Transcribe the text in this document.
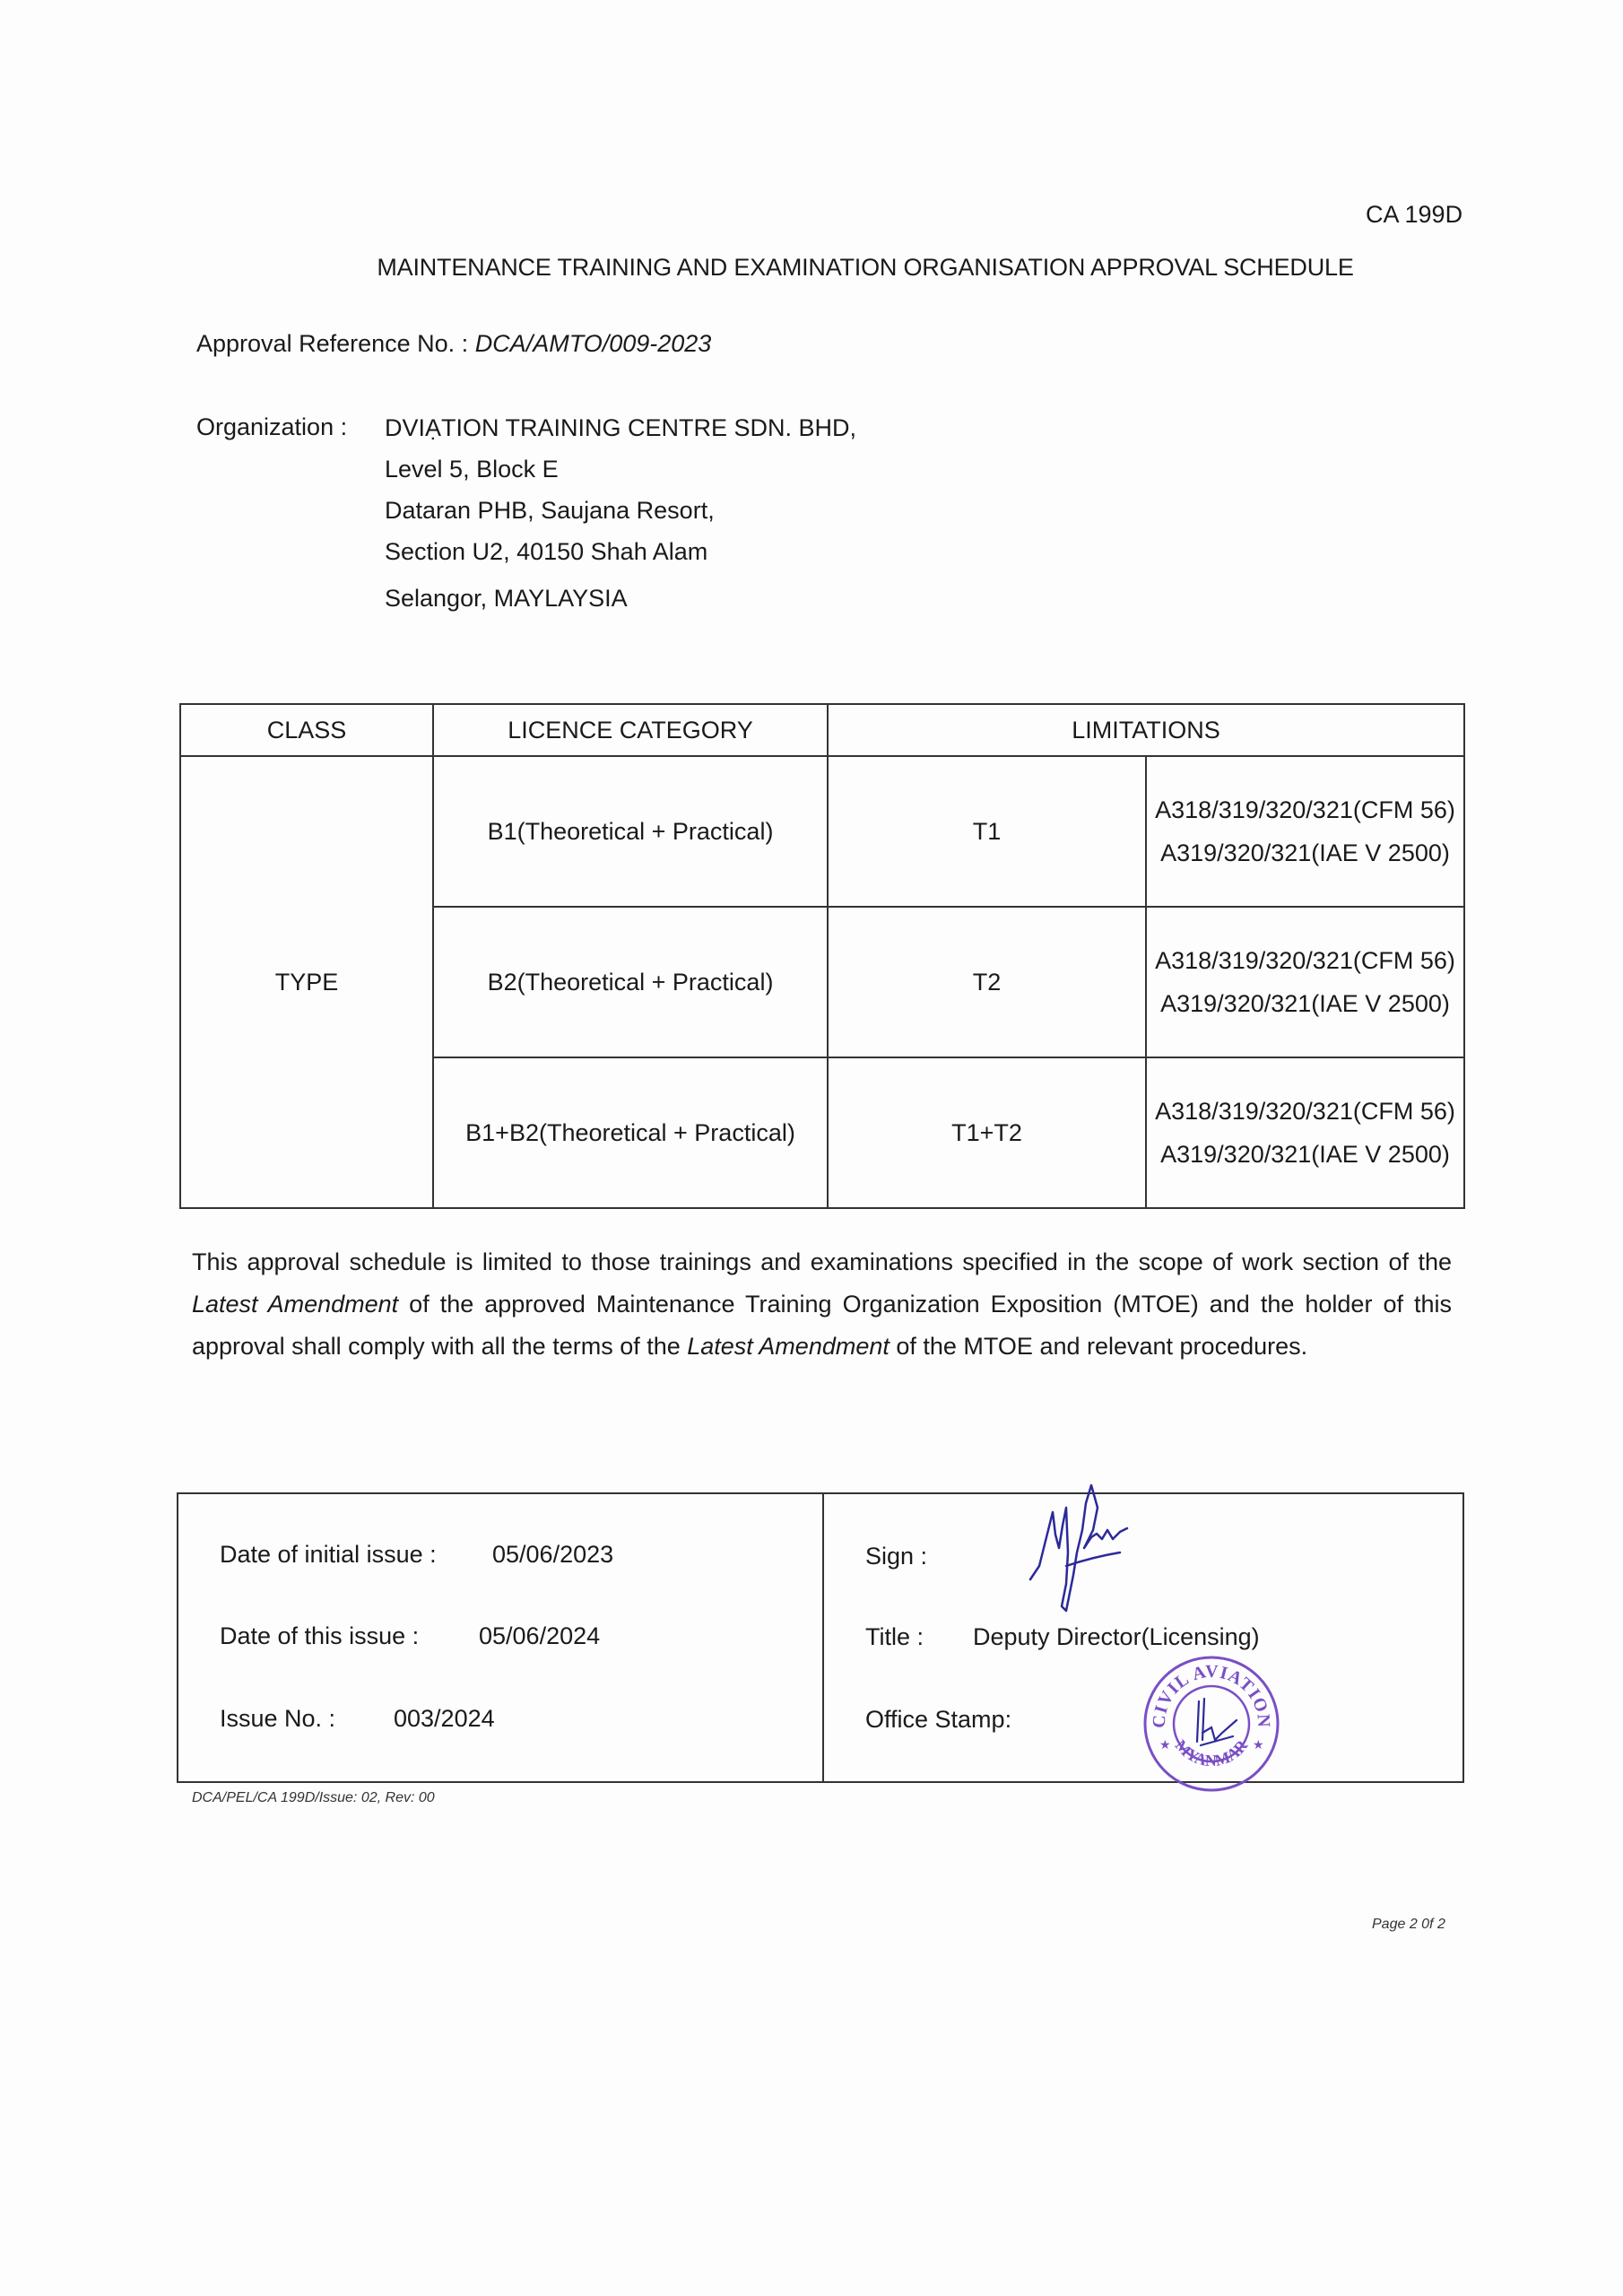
CA 199D
MAINTENANCE TRAINING AND EXAMINATION ORGANISATION APPROVAL SCHEDULE
Approval Reference No. : DCA/AMTO/009-2023
Organization : DVIẠTION TRAINING CENTRE SDN. BHD,
Level 5, Block E
Dataran PHB, Saujana Resort,
Section U2, 40150 Shah Alam
Selangor, MAYLAYSIA
CLASS	LICENCE CATEGORY	LIMITATIONS	
TYPE	B1(Theoretical + Practical)	T1	A318/319/320/321(CFM 56)
A319/320/321(IAE V 2500)

	B2(Theoretical + Practical)	T2	A318/319/320/321(CFM 56)
A319/320/321(IAE V 2500)

	B1+B2(Theoretical + Practical)	T1+T2	A318/319/320/321(CFM 56)
A319/320/321(IAE V 2500)
This approval schedule is limited to those trainings and examinations specified in the scope of work section of the Latest Amendment of the approved Maintenance Training Organization Exposition (MTOE) and the holder of this approval shall comply with all the terms of the Latest Amendment of the MTOE and relevant procedures.
Date of initial issue : 05/06/2023
Date of this issue : 05/06/2024
Issue No. : 003/2024
Sign :
Title : Deputy Director(Licensing)
Office Stamp:	CIVIL AVIATION
MYANMAR
★	★
DCA/PEL/CA 199D/Issue: 02, Rev: 00
Page 2 0f 2
